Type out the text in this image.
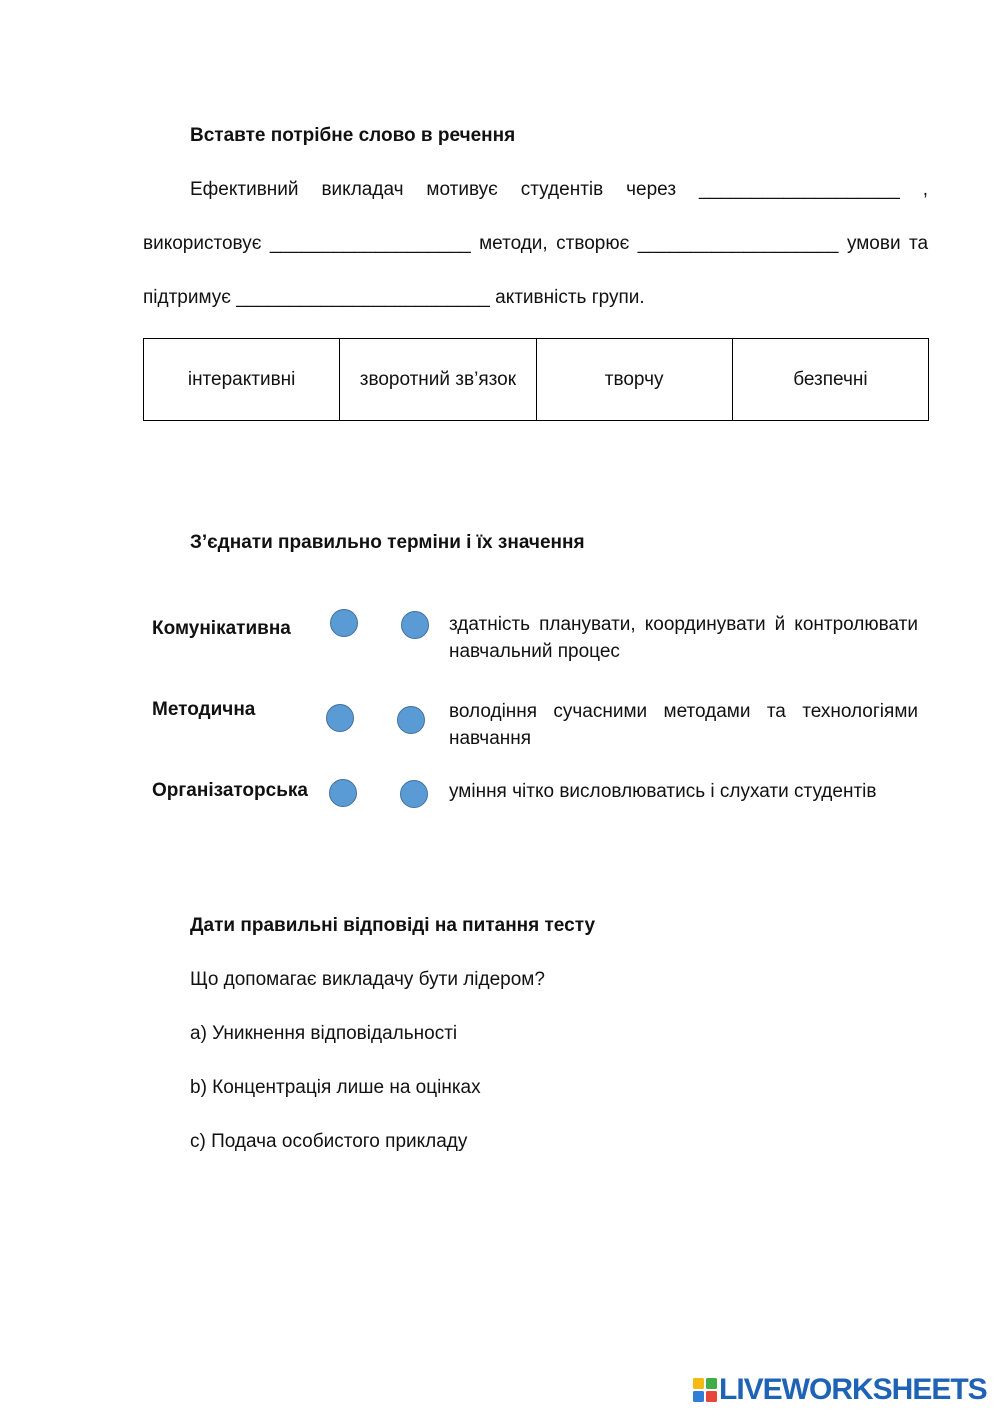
Вставте потрібне слово в речення
Ефективний викладач мотивує студентів через ___________________ ,
використовує ___________________ методи, створює ___________________ умови та
підтримує ________________________ активність групи.
інтерактивні	зворотний зв’язок	творчу	безпечні
З’єднати правильно терміни і їх значення
Комунікативна	здатність планувати, координувати й контролювати
навчальний процес
Методична	володіння сучасними методами та технологіями
навчання
Організаторська	уміння чітко висловлюватись і слухати студентів
Дати правильні відповіді на питання тесту
Що допомагає викладачу бути лідером?
a) Уникнення відповідальності
b) Концентрація лише на оцінках
c) Подача особистого прикладу
LIVEWORKSHEETS
